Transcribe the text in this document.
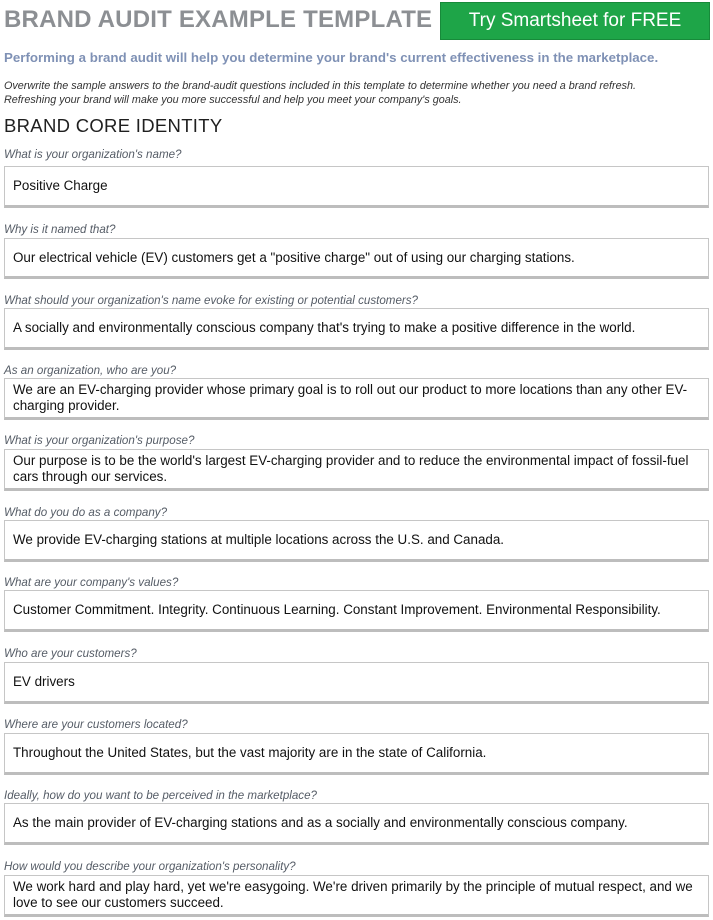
BRAND AUDIT EXAMPLE TEMPLATE	Try Smartsheet for FREE
Performing a brand audit will help you determine your brand's current effectiveness in the marketplace.
Overwrite the sample answers to the brand-audit questions included in this template to determine whether you need a brand refresh.
Refreshing your brand will make you more successful and help you meet your company's goals.
BRAND CORE IDENTITY
What is your organization's name?
Positive Charge
Why is it named that?
Our electrical vehicle (EV) customers get a "positive charge" out of using our charging stations.
What should your organization's name evoke for existing or potential customers?
A socially and environmentally conscious company that's trying to make a positive difference in the world.
As an organization, who are you?
We are an EV-charging provider whose primary goal is to roll out our product to more locations than any other EV-charging provider.
What is your organization's purpose?
Our purpose is to be the world's largest EV-charging provider and to reduce the environmental impact of fossil-fuel cars through our services.
What do you do as a company?
We provide EV-charging stations at multiple locations across the U.S. and Canada.
What are your company's values?
Customer Commitment. Integrity. Continuous Learning. Constant Improvement. Environmental Responsibility.
Who are your customers?
EV drivers
Where are your customers located?
Throughout the United States, but the vast majority are in the state of California.
Ideally, how do you want to be perceived in the marketplace?
As the main provider of EV-charging stations and as a socially and environmentally conscious company.
How would you describe your organization's personality?
We work hard and play hard, yet we're easygoing. We're driven primarily by the principle of mutual respect, and we love to see our customers succeed.
